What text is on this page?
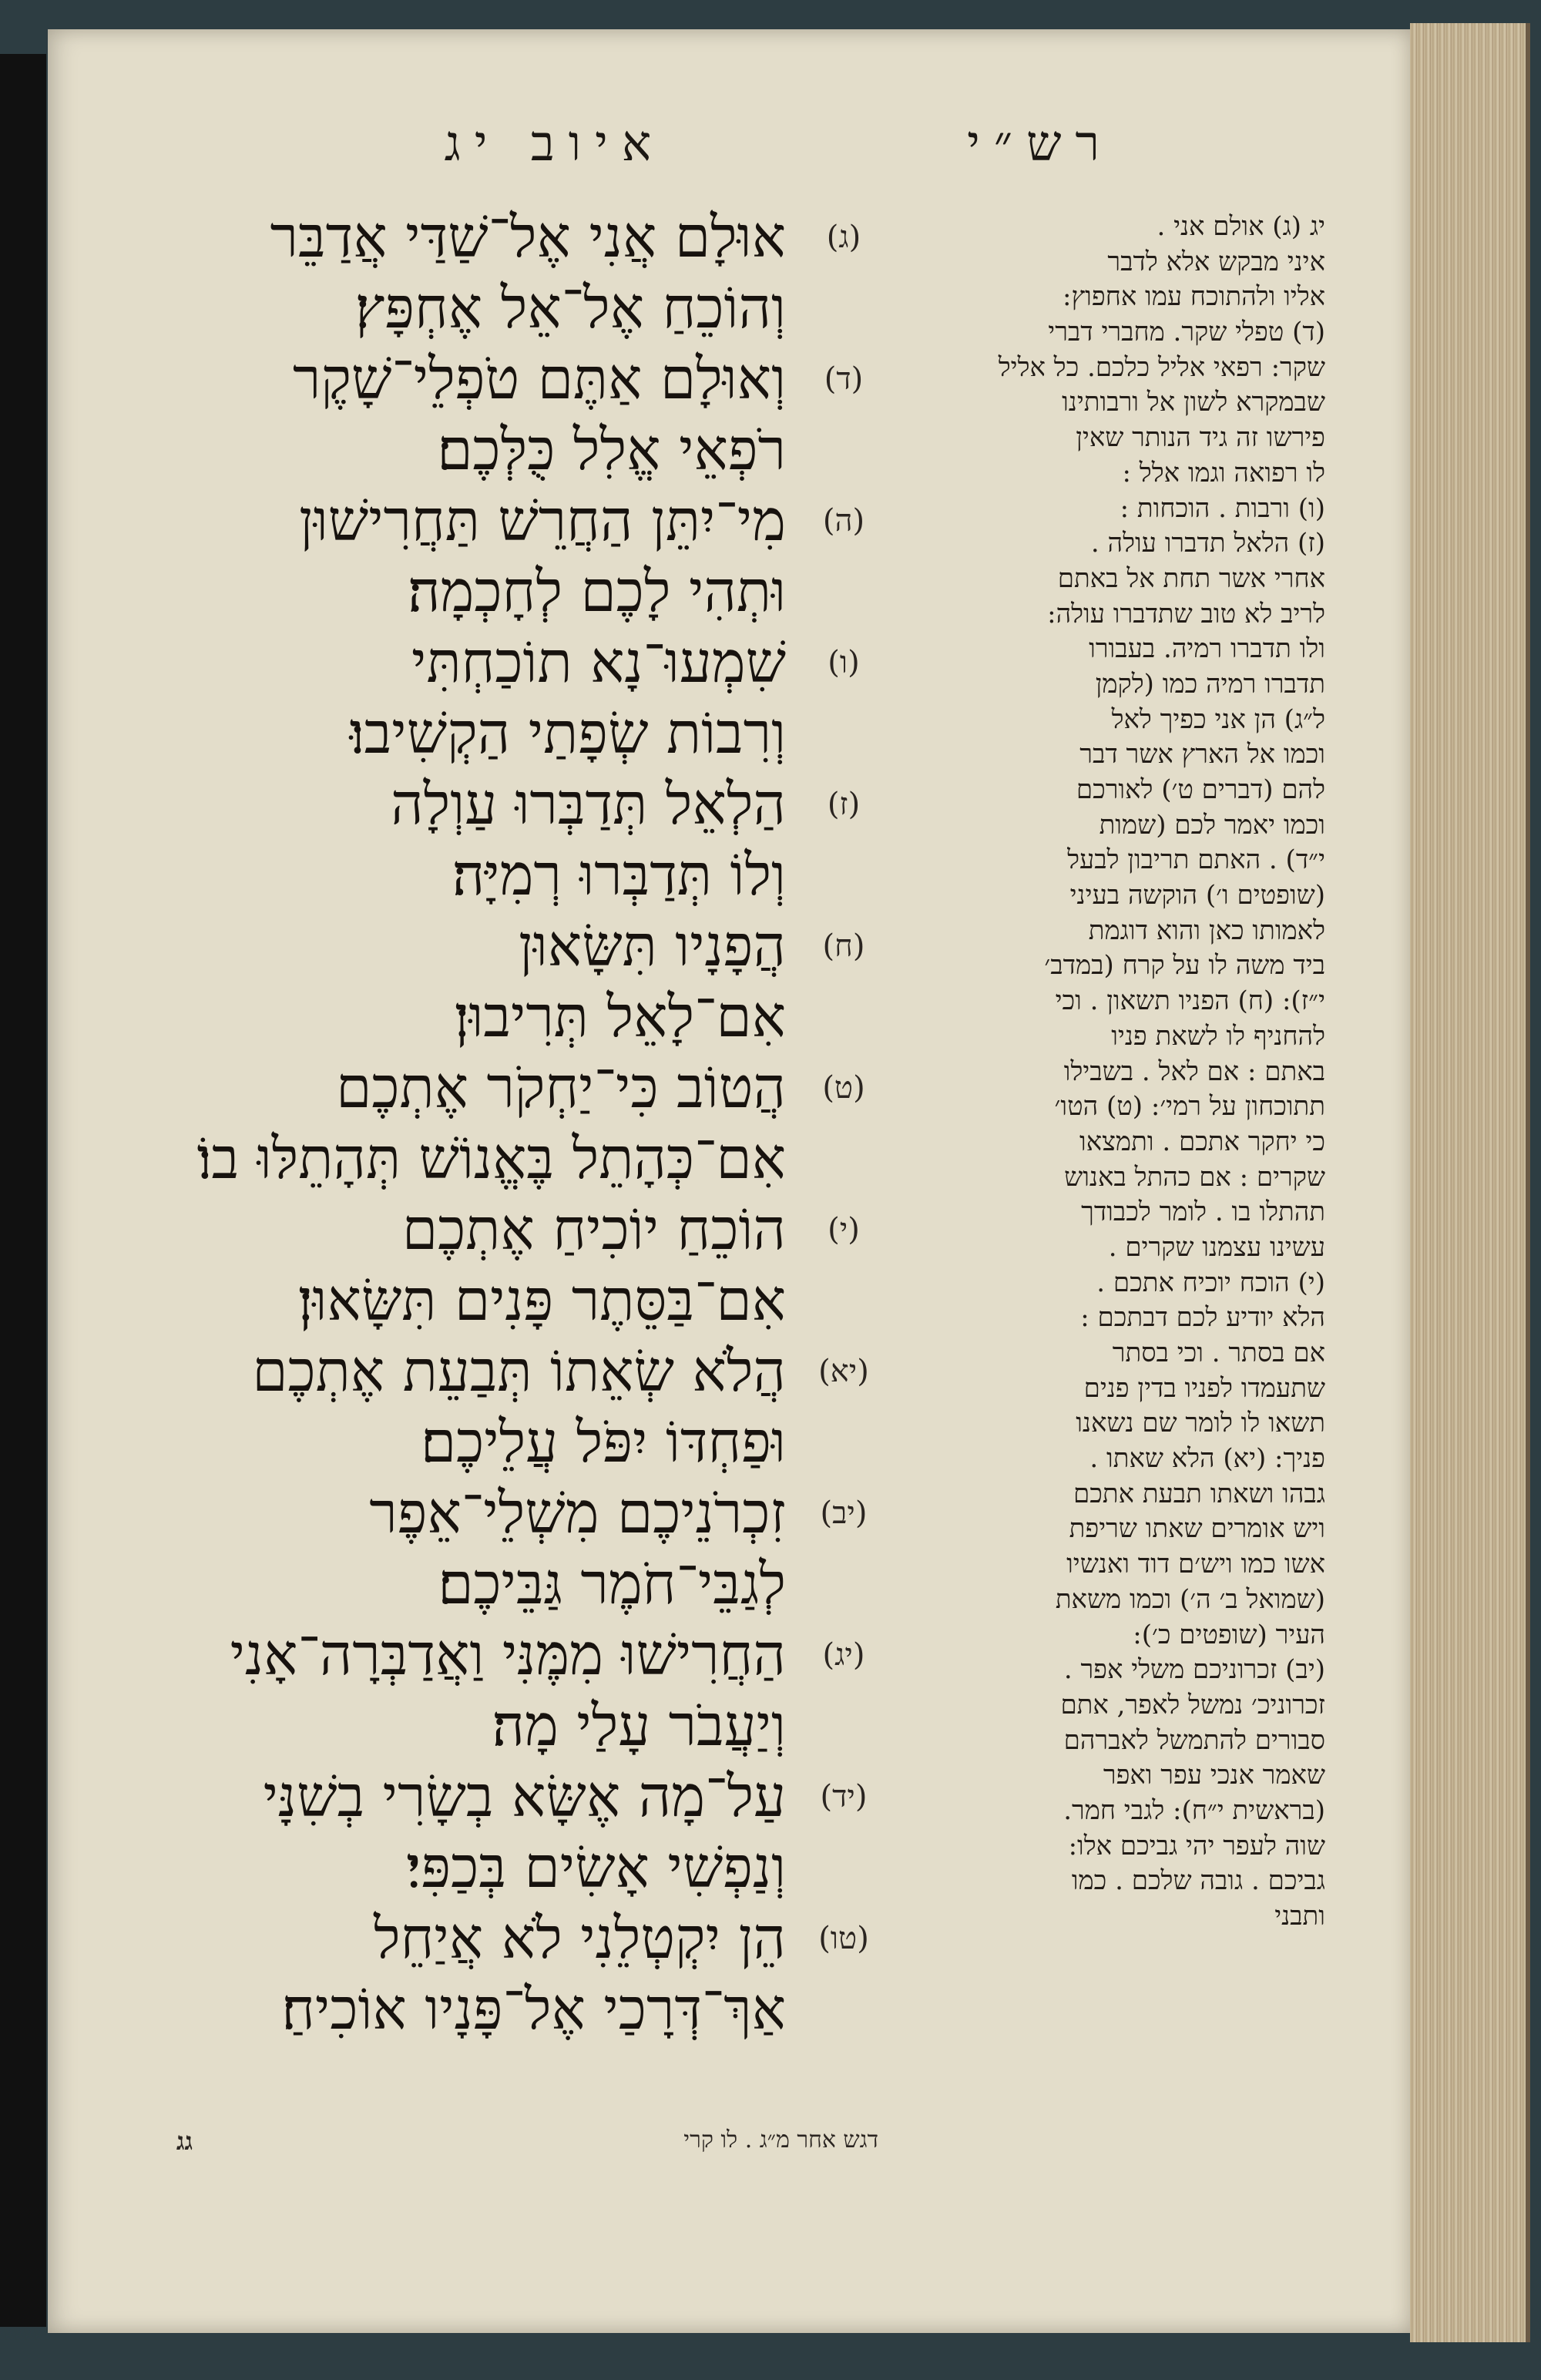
איוב יג	רש״י
(ג)
אוּלָם אֲנִי אֶל־שַׁדַּי אֲדַבֵּר
וְהוֹכֵחַ אֶל־אֵל אֶחְפָּץ׃
(ד)
וְאוּלָם אַתֶּם טֹפְלֵי־שָׁקֶר
רֹפְאֵי אֱלִל כֻּלְּכֶם׃
(ה)
מִי־יִתֵּן הַחֲרֵשׁ תַּחֲרִישׁוּן
וּתְהִי לָכֶם לְחָכְמָה׃
(ו)
שִׁמְעוּ־נָא תוֹכַחְתִּי
וְרִבוֹת שְׂפָתַי הַקְשִׁיבוּ׃
(ז)
הַלְאֵל תְּדַבְּרוּ עַוְלָה
וְלוֹ תְּדַבְּרוּ רְמִיָּה׃
(ח)
הֲפָנָיו תִּשָּׂאוּן
אִם־לָאֵל תְּרִיבוּן׃
(ט)
הֲטוֹב כִּי־יַחְקֹר אֶתְכֶם
אִם־כְּהָתֵל בֶּאֱנוֹשׁ תְּהָתֵלּוּ בוֹ׃
(י)
הוֹכֵחַ יוֹכִיחַ אֶתְכֶם
אִם־בַּסֵּתֶר פָּנִים תִּשָּׂאוּן׃
(יא)
הֲלֹא שְׂאֵתוֹ תְּבַעֵת אֶתְכֶם
וּפַחְדּוֹ יִפֹּל עֲלֵיכֶם׃
(יב)
זִכְרֹנֵיכֶם מִשְׁלֵי־אֵפֶר
לְגַבֵּי־חֹמֶר גַּבֵּיכֶם׃
(יג)
הַחֲרִישׁוּ מִמֶּנִּי וַאֲדַבְּרָה־אָנִי
וְיַעֲבֹר עָלַי מָה׃
(יד)
עַל־מָה אֶשָּׂא בְשָׂרִי בְשִׁנָּי
וְנַפְשִׁי אָשִׂים בְּכַפִּי׃
(טו)
הֵן יִקְטְלֵנִי לֹא אֲיַחֵל
אַךְ־דְּרָכַי אֶל־פָּנָיו אוֹכִיחַ׃
יג (ג) אולם אני .
איני מבקש אלא לדבר
אליו ולהתוכח עמו אחפוץ:
(ד) טפלי שקר. מחברי דברי
שקר: רפאי אליל כלכם. כל אליל
שבמקרא לשון אל ורבותינו
פירשו זה גיד הנותר שאין
לו רפואה וגמו אלל :
(ו) ורבות . הוכחות :
(ז) הלאל תדברו עולה .
אחרי אשר תחת אל באתם
לריב לא טוב שתדברו עולה:
ולו תדברו רמיה. בעבורו
תדברו רמיה כמו (לקמן
ל״ג) הן אני כפיך לאל
וכמו אל הארץ אשר דבר
להם (דברים ט׳) לאורכם
וכמו יאמר לכם (שמות
י״ד) . האתם תריבון לבעל
(שופטים ו׳) הוקשה בעיני
לאמותו כאן והוא דוגמת
ביד משה לו על קרח (במדב׳
י״ז): (ח) הפניו תשאון . וכי
להחניף לו לשאת פניו
באתם : אם לאל . בשבילו
תתוכחון על רמי׳: (ט) הטו׳
כי יחקר אתכם . ותמצאו
שקרים : אם כהתל באנוש
תהתלו בו . לומר לכבודך
עשינו עצמנו שקרים .
(י) הוכח יוכיח אתכם .
הלא יודיע לכם דבתכם :
אם בסתר . וכי בסתר
שתעמדו לפניו בדין פנים
תשאו לו לומר שם נשאנו
פניך: (יא) הלא שאתו .
גבהו ושאתו תבעת אתכם
ויש אומרים שאתו שריפת
אשו כמו ויש׳ם דוד ואנשיו
(שמואל ב׳ ה׳) וכמו משאת
העיר (שופטים כ׳):
(יב) זכרוניכם משלי אפר .
זכרוניכ׳ נמשל לאפר, אתם
סבורים להתמשל לאברהם
שאמר אנכי עפר ואפר
(בראשית י״ח): לגבי חמר.
שוה לעפר יהי גביכם אלו:
גביכם . גובה שלכם . כמו
ותבני
גג	דגש אחר מ״ג . לו קרי
